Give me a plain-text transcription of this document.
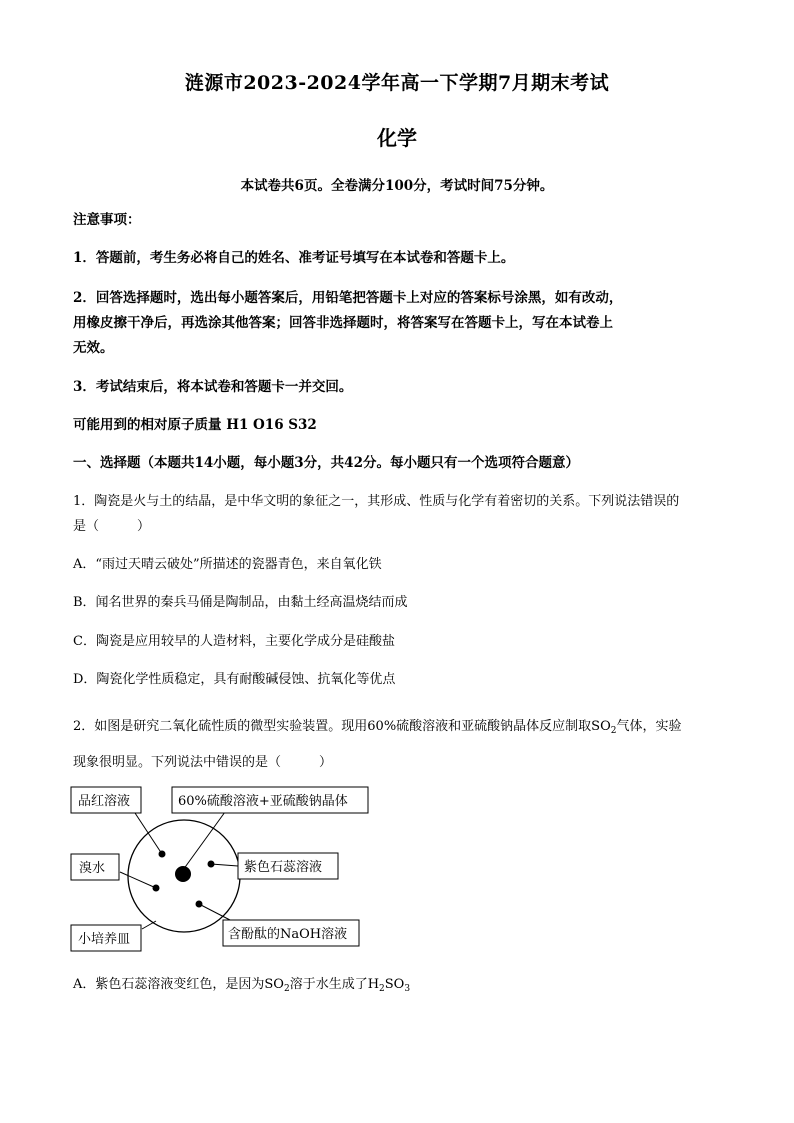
涟源市2023-2024学年高一下学期7月期末考试
化学
本试卷共6页。全卷满分100分，考试时间75分钟。
注意事项：
1．答题前，考生务必将自己的姓名、准考证号填写在本试卷和答题卡上。
2．回答选择题时，选出每小题答案后，用铅笔把答题卡上对应的答案标号涂黑，如有改动，
用橡皮擦干净后，再选涂其他答案；回答非选择题时，将答案写在答题卡上，写在本试卷上
无效。
3．考试结束后，将本试卷和答题卡一并交回。
可能用到的相对原子质量 H1 O16 S32
一、选择题（本题共14小题，每小题3分，共42分。每小题只有一个选项符合题意）
1．陶瓷是火与土的结晶，是中华文明的象征之一，其形成、性质与化学有着密切的关系。下列说法错误的
是（	）
A．“雨过天晴云破处”所描述的瓷器青色，来自氧化铁
B．闻名世界的秦兵马俑是陶制品，由黏土经高温烧结而成
C．陶瓷是应用较早的人造材料，主要化学成分是硅酸盐
D．陶瓷化学性质稳定，具有耐酸碱侵蚀、抗氧化等优点
2．如图是研究二氧化硫性质的微型实验装置。现用60%硫酸溶液和亚硫酸钠晶体反应制取$SO_2$气体，实验
现象很明显。下列说法中错误的是（	）
品红溶液	60%硫酸溶液+亚硫酸钠晶体
溴水	紫色石蕊溶液
小培养皿	含酚酞的NaOH溶液
A．紫色石蕊溶液变红色，是因为$SO_2$溶于水生成了$H_2SO_3$
